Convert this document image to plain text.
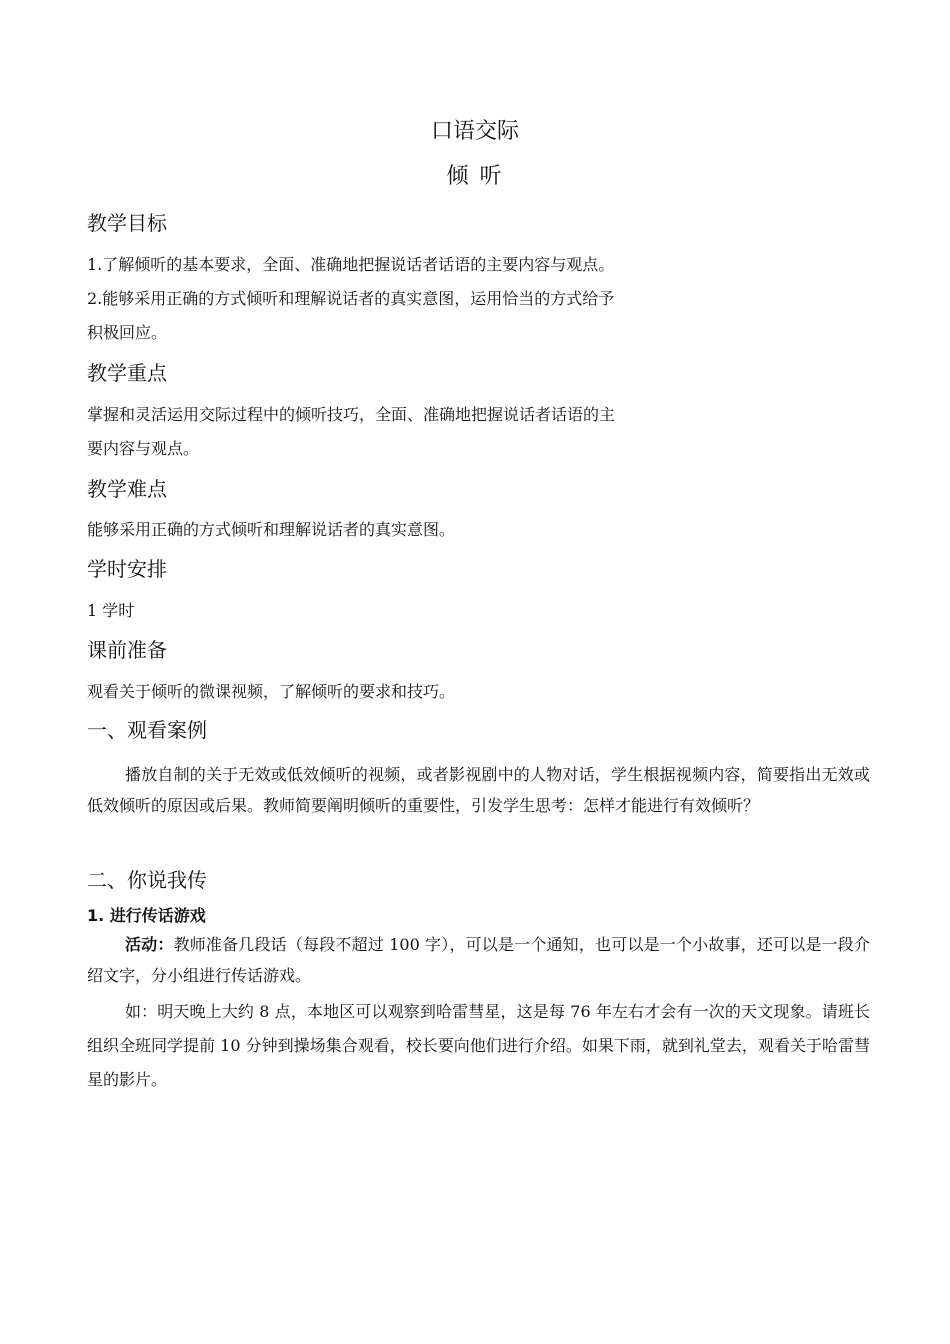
口语交际
倾 听
教学目标
1.了解倾听的基本要求，全面、准确地把握说话者话语的主要内容与观点。
2.能够采用正确的方式倾听和理解说话者的真实意图，运用恰当的方式给予
积极回应。
教学重点
掌握和灵活运用交际过程中的倾听技巧，全面、准确地把握说话者话语的主
要内容与观点。
教学难点
能够采用正确的方式倾听和理解说话者的真实意图。
学时安排
1 学时
课前准备
观看关于倾听的微课视频，了解倾听的要求和技巧。
一、观看案例
播放自制的关于无效或低效倾听的视频，或者影视剧中的人物对话，学生根据视频内容，简要指出无效或低效倾听的原因或后果。教师简要阐明倾听的重要性，引发学生思考：怎样才能进行有效倾听？
二、你说我传
1. 进行传话游戏
活动：教师准备几段话（每段不超过 100 字），可以是一个通知，也可以是一个小故事，还可以是一段介绍文字，分小组进行传话游戏。
如：明天晚上大约 8 点，本地区可以观察到哈雷彗星，这是每 76 年左右才会有一次的天文现象。请班长组织全班同学提前 10 分钟到操场集合观看，校长要向他们进行介绍。如果下雨，就到礼堂去，观看关于哈雷彗星的影片。
